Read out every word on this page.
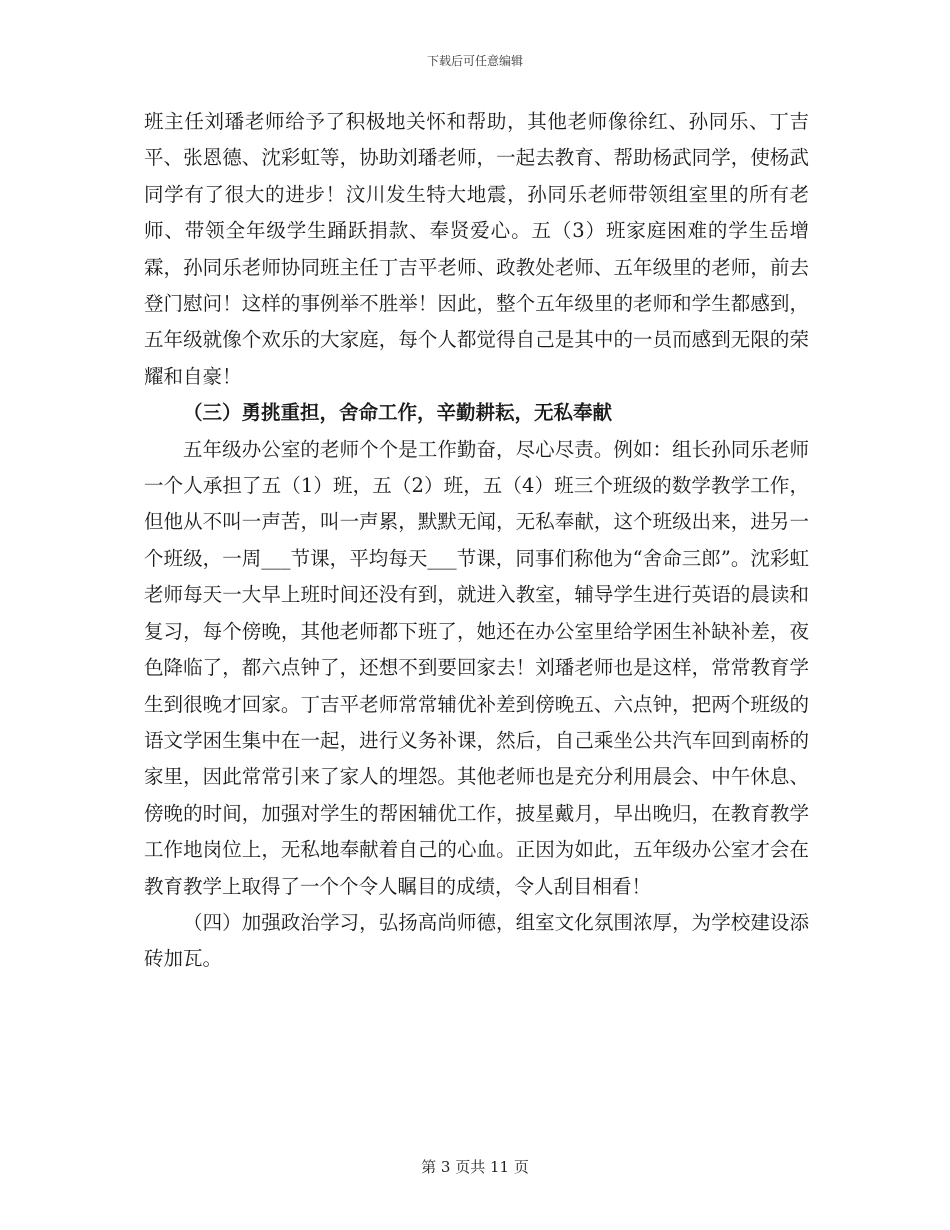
下载后可任意编辑

班主任刘璠老师给予了积极地关怀和帮助，其他老师像徐红、孙同乐、丁吉平、张恩德、沈彩虹等，协助刘璠老师，一起去教育、帮助杨武同学，使杨武同学有了很大的进步！汶川发生特大地震，孙同乐老师带领组室里的所有老师、带领全年级学生踊跃捐款、奉贤爱心。五（3）班家庭困难的学生岳增霖，孙同乐老师协同班主任丁吉平老师、政教处老师、五年级里的老师，前去登门慰问！这样的事例举不胜举！因此，整个五年级里的老师和学生都感到，五年级就像个欢乐的大家庭，每个人都觉得自己是其中的一员而感到无限的荣耀和自豪！

（三）勇挑重担，舍命工作，辛勤耕耘，无私奉献

五年级办公室的老师个个是工作勤奋，尽心尽责。例如：组长孙同乐老师一个人承担了五（1）班，五（2）班，五（4）班三个班级的数学教学工作，但他从不叫一声苦，叫一声累，默默无闻，无私奉献，这个班级出来，进另一个班级，一周___节课，平均每天___节课，同事们称他为“舍命三郎”。沈彩虹老师每天一大早上班时间还没有到，就进入教室，辅导学生进行英语的晨读和复习，每个傍晚，其他老师都下班了，她还在办公室里给学困生补缺补差，夜色降临了，都六点钟了，还想不到要回家去！刘璠老师也是这样，常常教育学生到很晚才回家。丁吉平老师常常辅优补差到傍晚五、六点钟，把两个班级的语文学困生集中在一起，进行义务补课，然后，自己乘坐公共汽车回到南桥的家里，因此常常引来了家人的埋怨。其他老师也是充分利用晨会、中午休息、傍晚的时间，加强对学生的帮困辅优工作，披星戴月，早出晚归，在教育教学工作地岗位上，无私地奉献着自己的心血。正因为如此，五年级办公室才会在教育教学上取得了一个个令人瞩目的成绩，令人刮目相看！

（四）加强政治学习，弘扬高尚师德，组室文化氛围浓厚，为学校建设添砖加瓦。

第 3 页共 11 页
